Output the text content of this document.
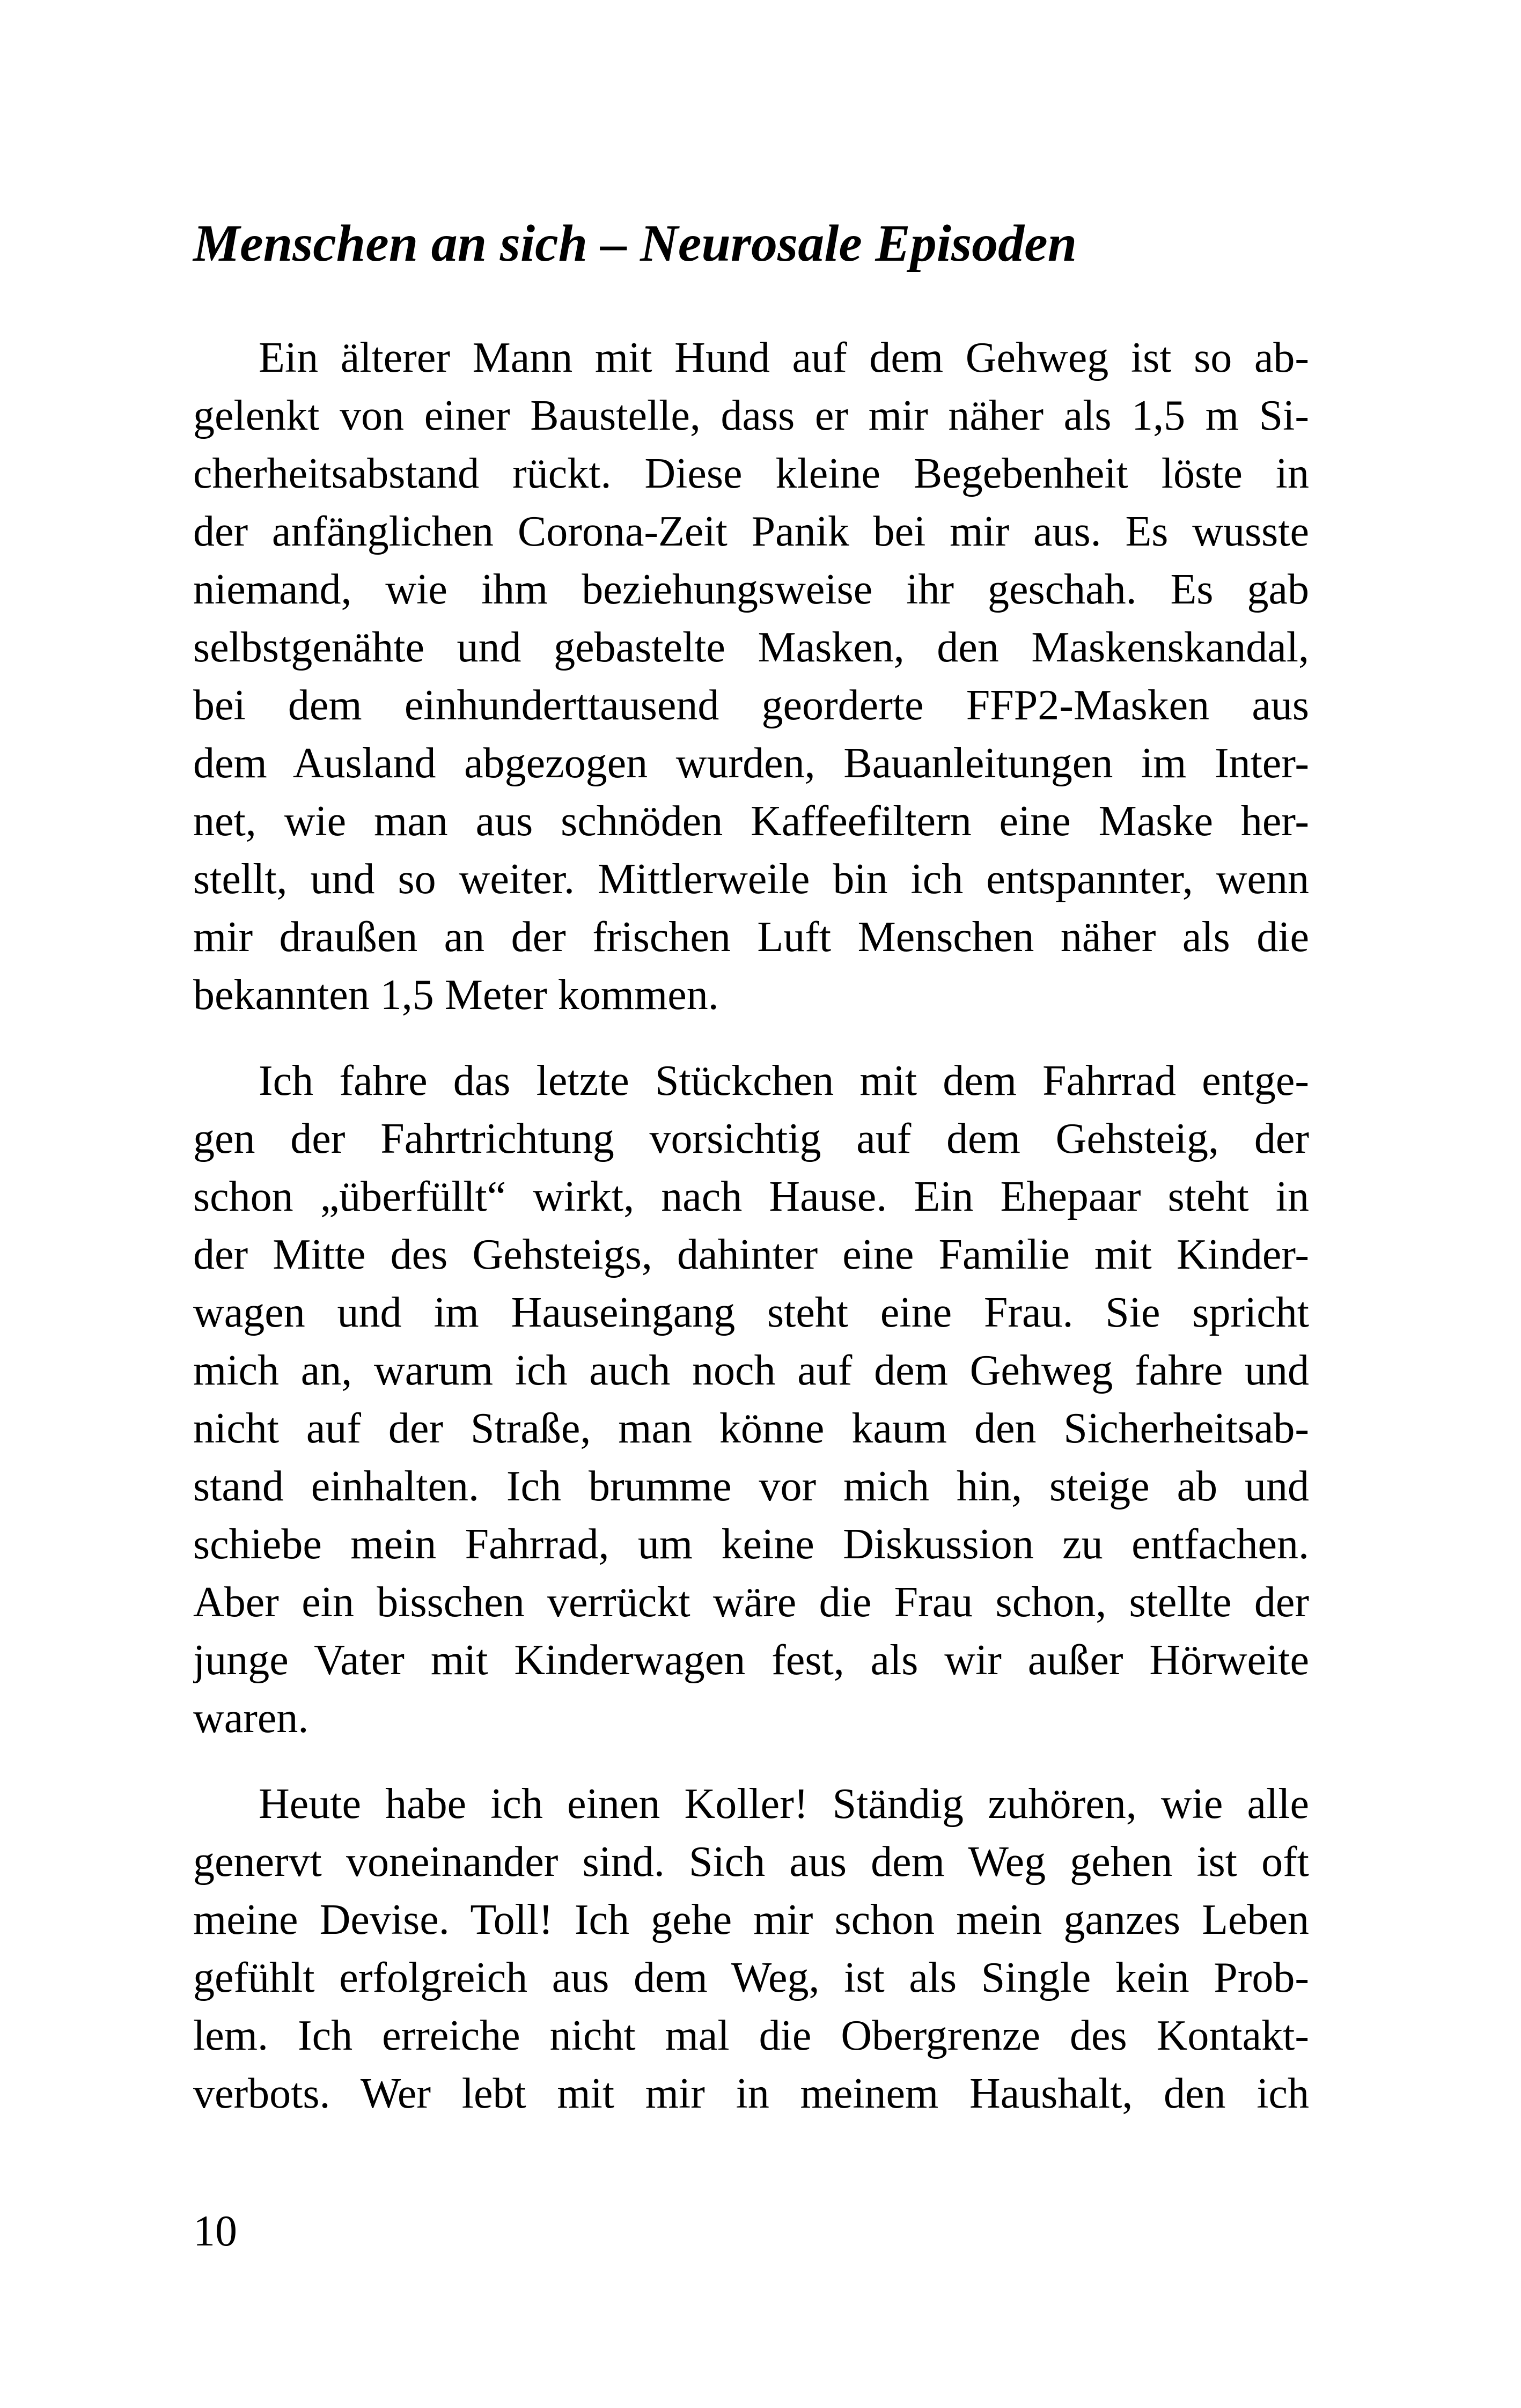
Menschen an sich – Neurosale Episoden
Ein älterer Mann mit Hund auf dem Gehweg ist so ab-
gelenkt von einer Baustelle, dass er mir näher als 1,5 m Si-
cherheitsabstand rückt. Diese kleine Begebenheit löste in
der anfänglichen Corona-Zeit Panik bei mir aus. Es wusste
niemand, wie ihm beziehungsweise ihr geschah. Es gab
selbstgenähte und gebastelte Masken, den Maskenskandal,
bei dem einhunderttausend georderte FFP2-Masken aus
dem Ausland abgezogen wurden, Bauanleitungen im Inter-
net, wie man aus schnöden Kaffeefiltern eine Maske her-
stellt, und so weiter. Mittlerweile bin ich entspannter, wenn
mir draußen an der frischen Luft Menschen näher als die
bekannten 1,5 Meter kommen.
Ich fahre das letzte Stückchen mit dem Fahrrad entge-
gen der Fahrtrichtung vorsichtig auf dem Gehsteig, der
schon „überfüllt“ wirkt, nach Hause. Ein Ehepaar steht in
der Mitte des Gehsteigs, dahinter eine Familie mit Kinder-
wagen und im Hauseingang steht eine Frau. Sie spricht
mich an, warum ich auch noch auf dem Gehweg fahre und
nicht auf der Straße, man könne kaum den Sicherheitsab-
stand einhalten. Ich brumme vor mich hin, steige ab und
schiebe mein Fahrrad, um keine Diskussion zu entfachen.
Aber ein bisschen verrückt wäre die Frau schon, stellte der
junge Vater mit Kinderwagen fest, als wir außer Hörweite
waren.
Heute habe ich einen Koller! Ständig zuhören, wie alle
genervt voneinander sind. Sich aus dem Weg gehen ist oft
meine Devise. Toll! Ich gehe mir schon mein ganzes Leben
gefühlt erfolgreich aus dem Weg, ist als Single kein Prob-
lem. Ich erreiche nicht mal die Obergrenze des Kontakt-
verbots. Wer lebt mit mir in meinem Haushalt, den ich
10
